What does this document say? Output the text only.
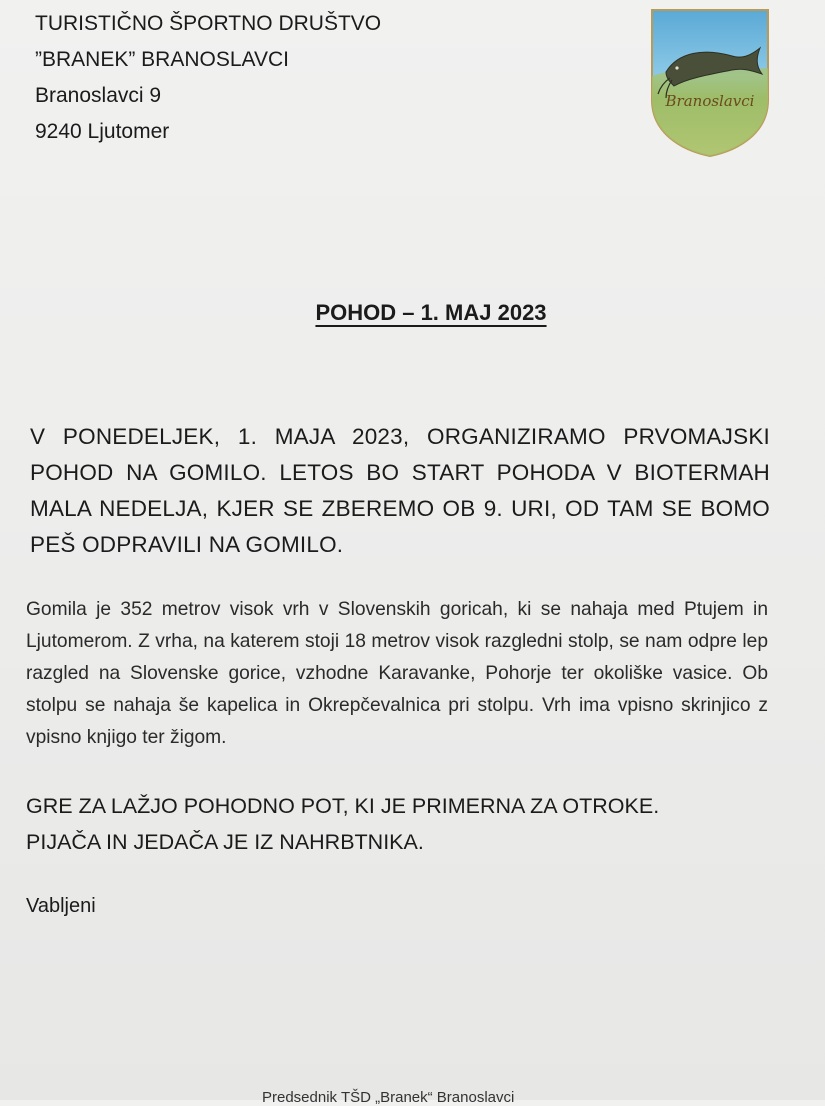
TURISTIČNO ŠPORTNO DRUŠTVO
”BRANEK” BRANOSLAVCI
Branoslavci 9
9240 Ljutomer
Branoslavci
POHOD – 1. MAJ 2023
V PONEDELJEK, 1. MAJA 2023, ORGANIZIRAMO PRVOMAJSKI POHOD NA GOMILO. LETOS BO START POHODA V BIOTERMAH MALA NEDELJA, KJER SE ZBEREMO OB 9. URI, OD TAM SE BOMO PEŠ ODPRAVILI NA GOMILO.
Gomila je 352 metrov visok vrh v Slovenskih goricah, ki se nahaja med Ptujem in Ljutomerom. Z vrha, na katerem stoji 18 metrov visok razgledni stolp, se nam odpre lep razgled na Slovenske gorice, vzhodne Karavanke, Pohorje ter okoliške vasice. Ob stolpu se nahaja še kapelica in Okrepčevalnica pri stolpu. Vrh ima vpisno skrinjico z vpisno knjigo ter žigom.
GRE ZA LAŽJO POHODNO POT, KI JE PRIMERNA ZA OTROKE.
PIJAČA IN JEDAČA JE IZ NAHRBTNIKA.
Vabljeni
Predsednik TŠD „Branek“ Branoslavci
